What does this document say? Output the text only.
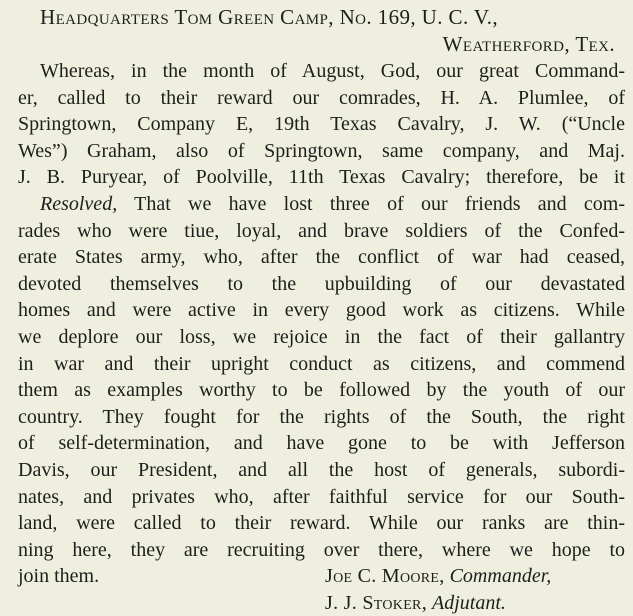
Headquarters Tom Green Camp, No. 169, U. C. V.,
Weatherford, Tex.
Whereas, in the month of August, God, our great Command-
er, called to their reward our comrades, H. A. Plumlee, of
Springtown, Company E, 19th Texas Cavalry, J. W. (“Uncle
Wes”) Graham, also of Springtown, same company, and Maj.
J. B. Puryear, of Poolville, 11th Texas Cavalry; therefore, be it
Resolved, That we have lost three of our friends and com-
rades who were tiue, loyal, and brave soldiers of the Confed-
erate States army, who, after the conflict of war had ceased,
devoted themselves to the upbuilding of our devastated
homes and were active in every good work as citizens. While
we deplore our loss, we rejoice in the fact of their gallantry
in war and their upright conduct as citizens, and commend
them as examples worthy to be followed by the youth of our
country. They fought for the rights of the South, the right
of self-determination, and have gone to be with Jefferson
Davis, our President, and all the host of generals, subordi-
nates, and privates who, after faithful service for our South-
land, were called to their reward. While our ranks are thin-
ning here, they are recruiting over there, where we hope to
join them.	Joe C. Moore, Commander,
J. J. Stoker, Adjutant.
